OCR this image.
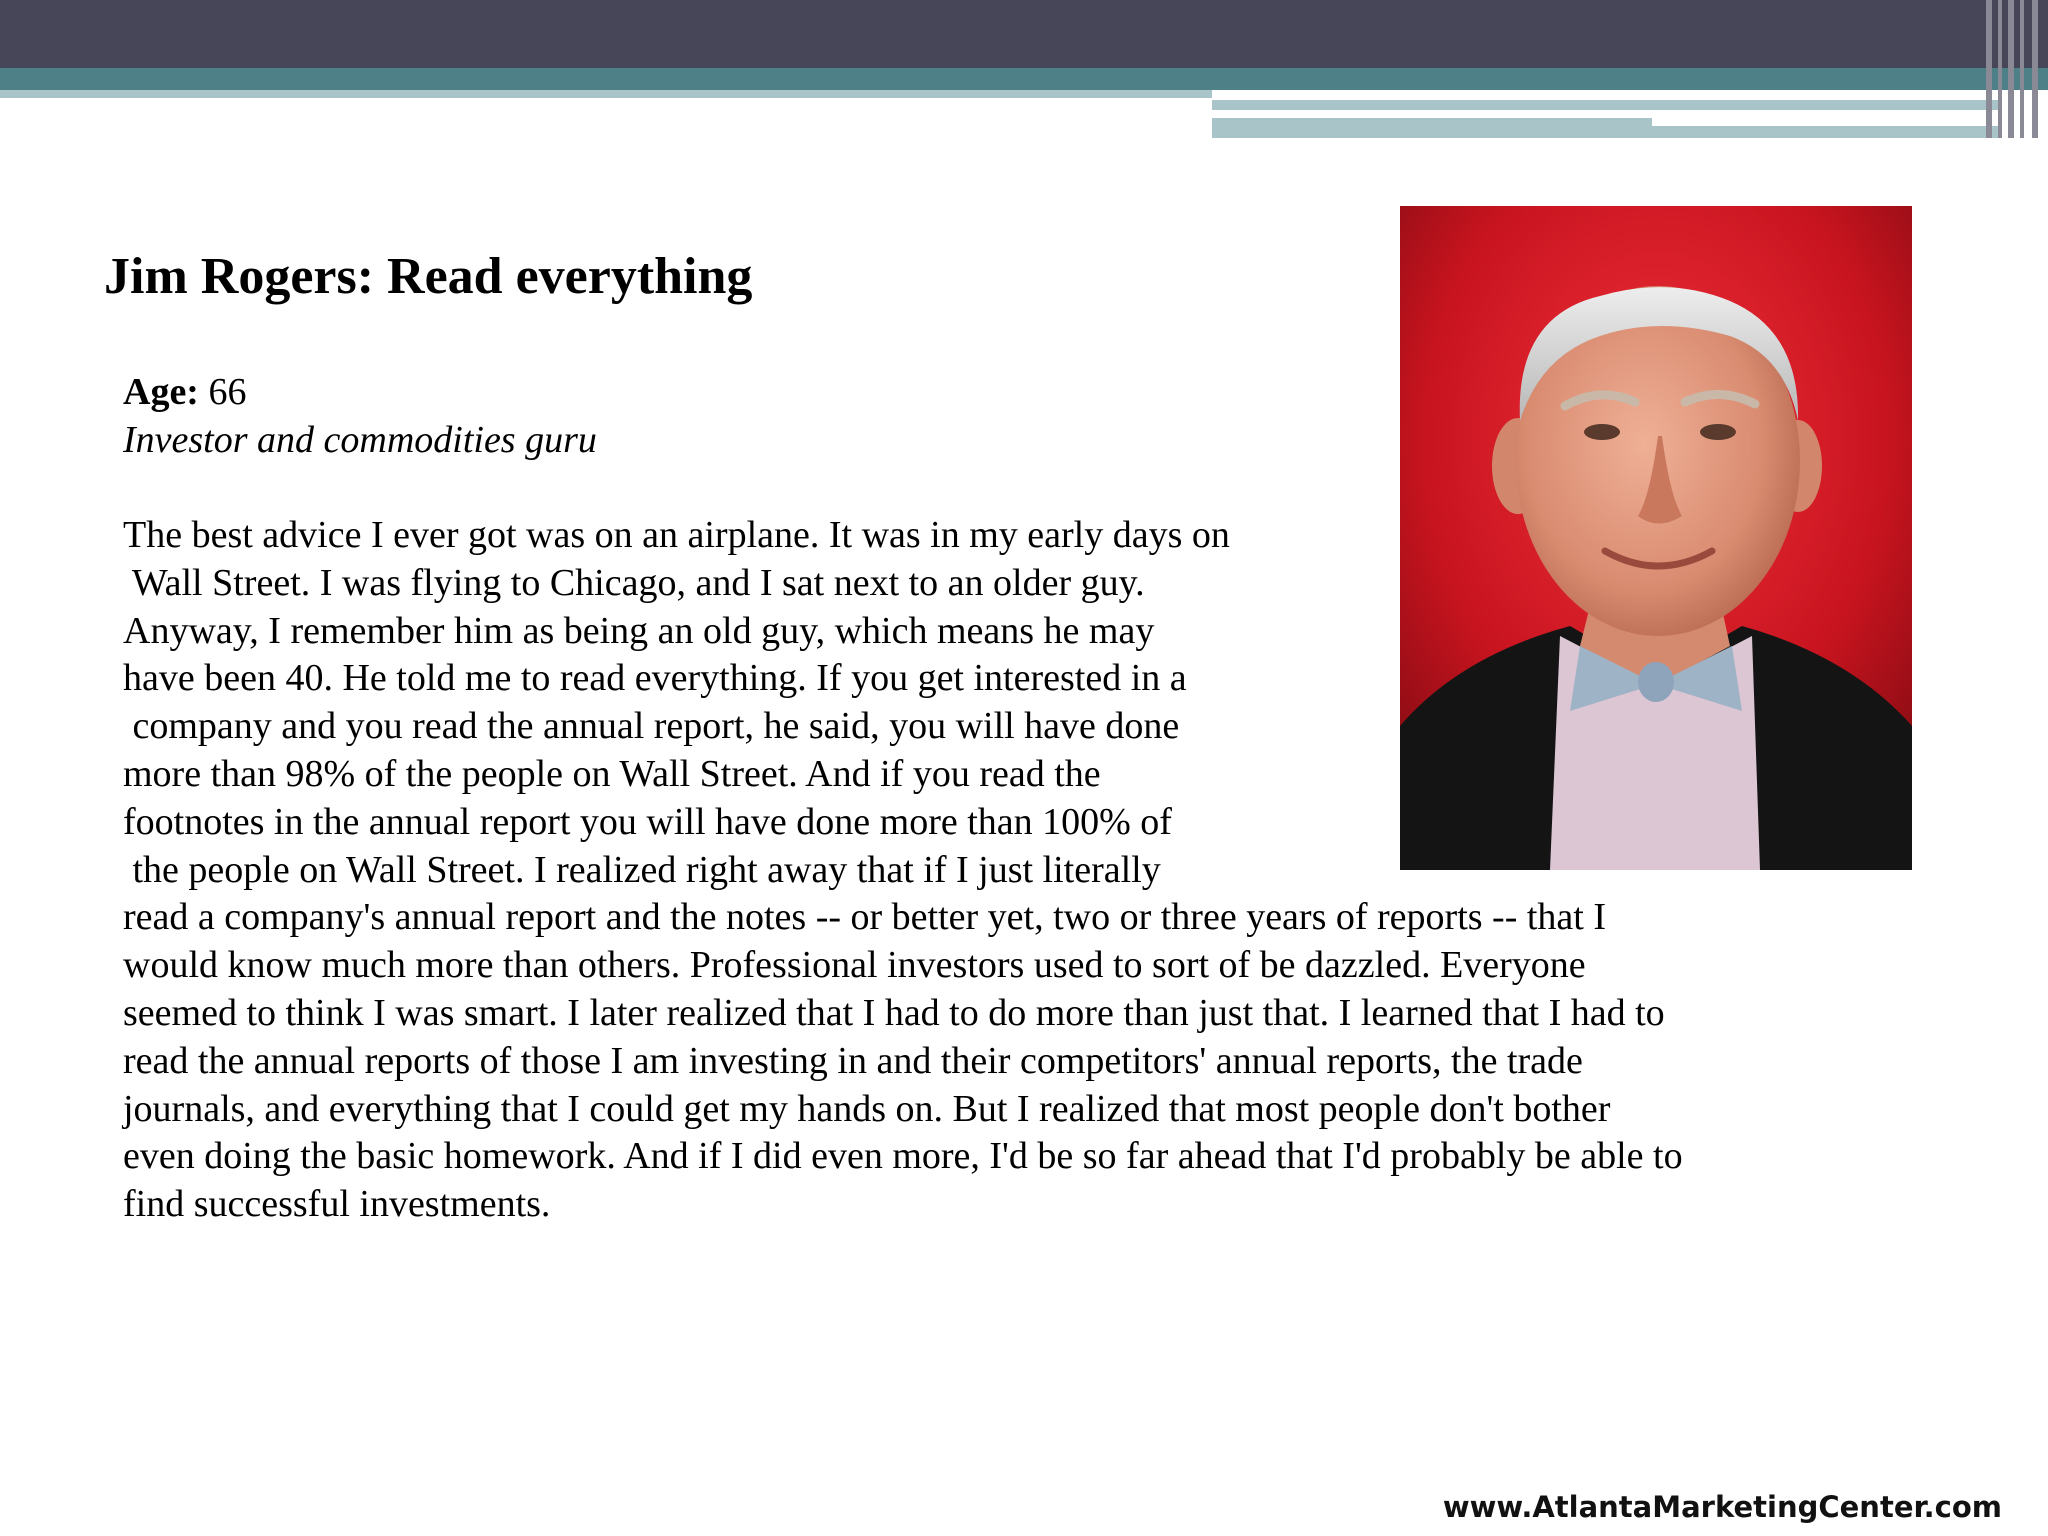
Jim Rogers: Read everything
Age: 66
Investor and commodities guru
The best advice I ever got was on an airplane. It was in my early days on
Wall Street. I was flying to Chicago, and I sat next to an older guy.
Anyway, I remember him as being an old guy, which means he may
have been 40. He told me to read everything. If you get interested in a
company and you read the annual report, he said, you will have done
more than 98% of the people on Wall Street. And if you read the
footnotes in the annual report you will have done more than 100% of
the people on Wall Street. I realized right away that if I just literally
read a company's annual report and the notes -- or better yet, two or three years of reports -- that I
would know much more than others. Professional investors used to sort of be dazzled. Everyone
seemed to think I was smart. I later realized that I had to do more than just that. I learned that I had to
read the annual reports of those I am investing in and their competitors' annual reports, the trade
journals, and everything that I could get my hands on. But I realized that most people don't bother
even doing the basic homework. And if I did even more, I'd be so far ahead that I'd probably be able to
find successful investments.
www.AtlantaMarketingCenter.com
